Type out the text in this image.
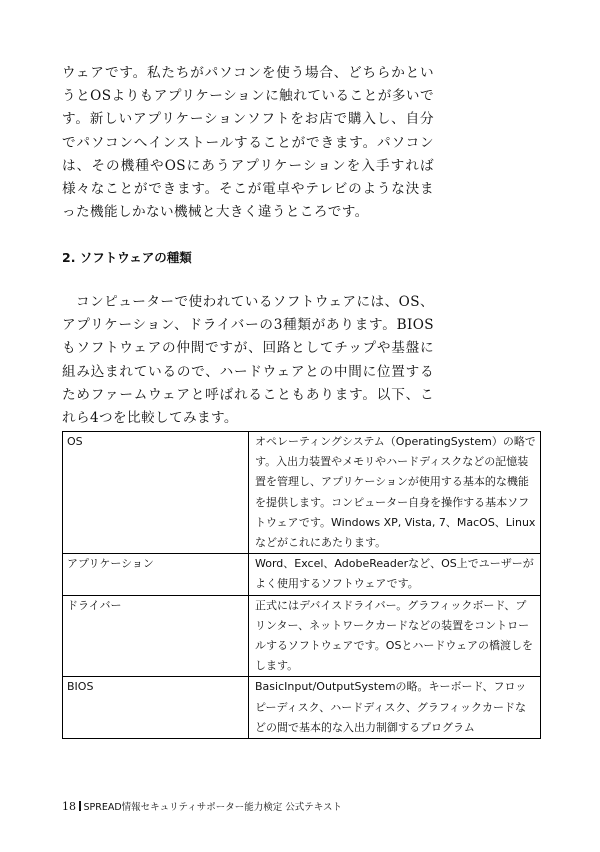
ウェアです。私たちがパソコンを使う場合、どちらかというとOSよりもアプリケーションに触れていることが多いです。新しいアプリケーションソフトをお店で購入し、自分でパソコンへインストールすることができます。パソコンは、その機種やOSにあうアプリケーションを入手すれば様々なことができます。そこが電卓やテレビのような決まった機能しかない機械と大きく違うところです。

2. ソフトウェアの種類

コンピューターで使われているソフトウェアには、OS、アプリケーション、ドライバーの3種類があります。BIOSもソフトウェアの仲間ですが、回路としてチップや基盤に組み込まれているので、ハードウェアとの中間に位置するためファームウェアと呼ばれることもあります。以下、これら4つを比較してみます。

OS	オペレーティングシステム（OperatingSystem）の略です。入出力装置やメモリやハードディスクなどの記憶装置を管理し、アプリケーションが使用する基本的な機能を提供します。コンピューター自身を操作する基本ソフトウェアです。Windows XP, Vista, 7、MacOS、Linuxなどがこれにあたります。
アプリケーション	Word、Excel、AdobeReaderなど、OS上でユーザーがよく使用するソフトウェアです。
ドライバー	正式にはデバイスドライバー。グラフィックボード、プリンター、ネットワークカードなどの装置をコントロールするソフトウェアです。OSとハードウェアの橋渡しをします。
BIOS	BasicInput/OutputSystemの略。キーボード、フロッピーディスク、ハードディスク、グラフィックカードなどの間で基本的な入出力制御するプログラム
18 SPREAD情報セキュリティサポーター能力検定 公式テキスト
